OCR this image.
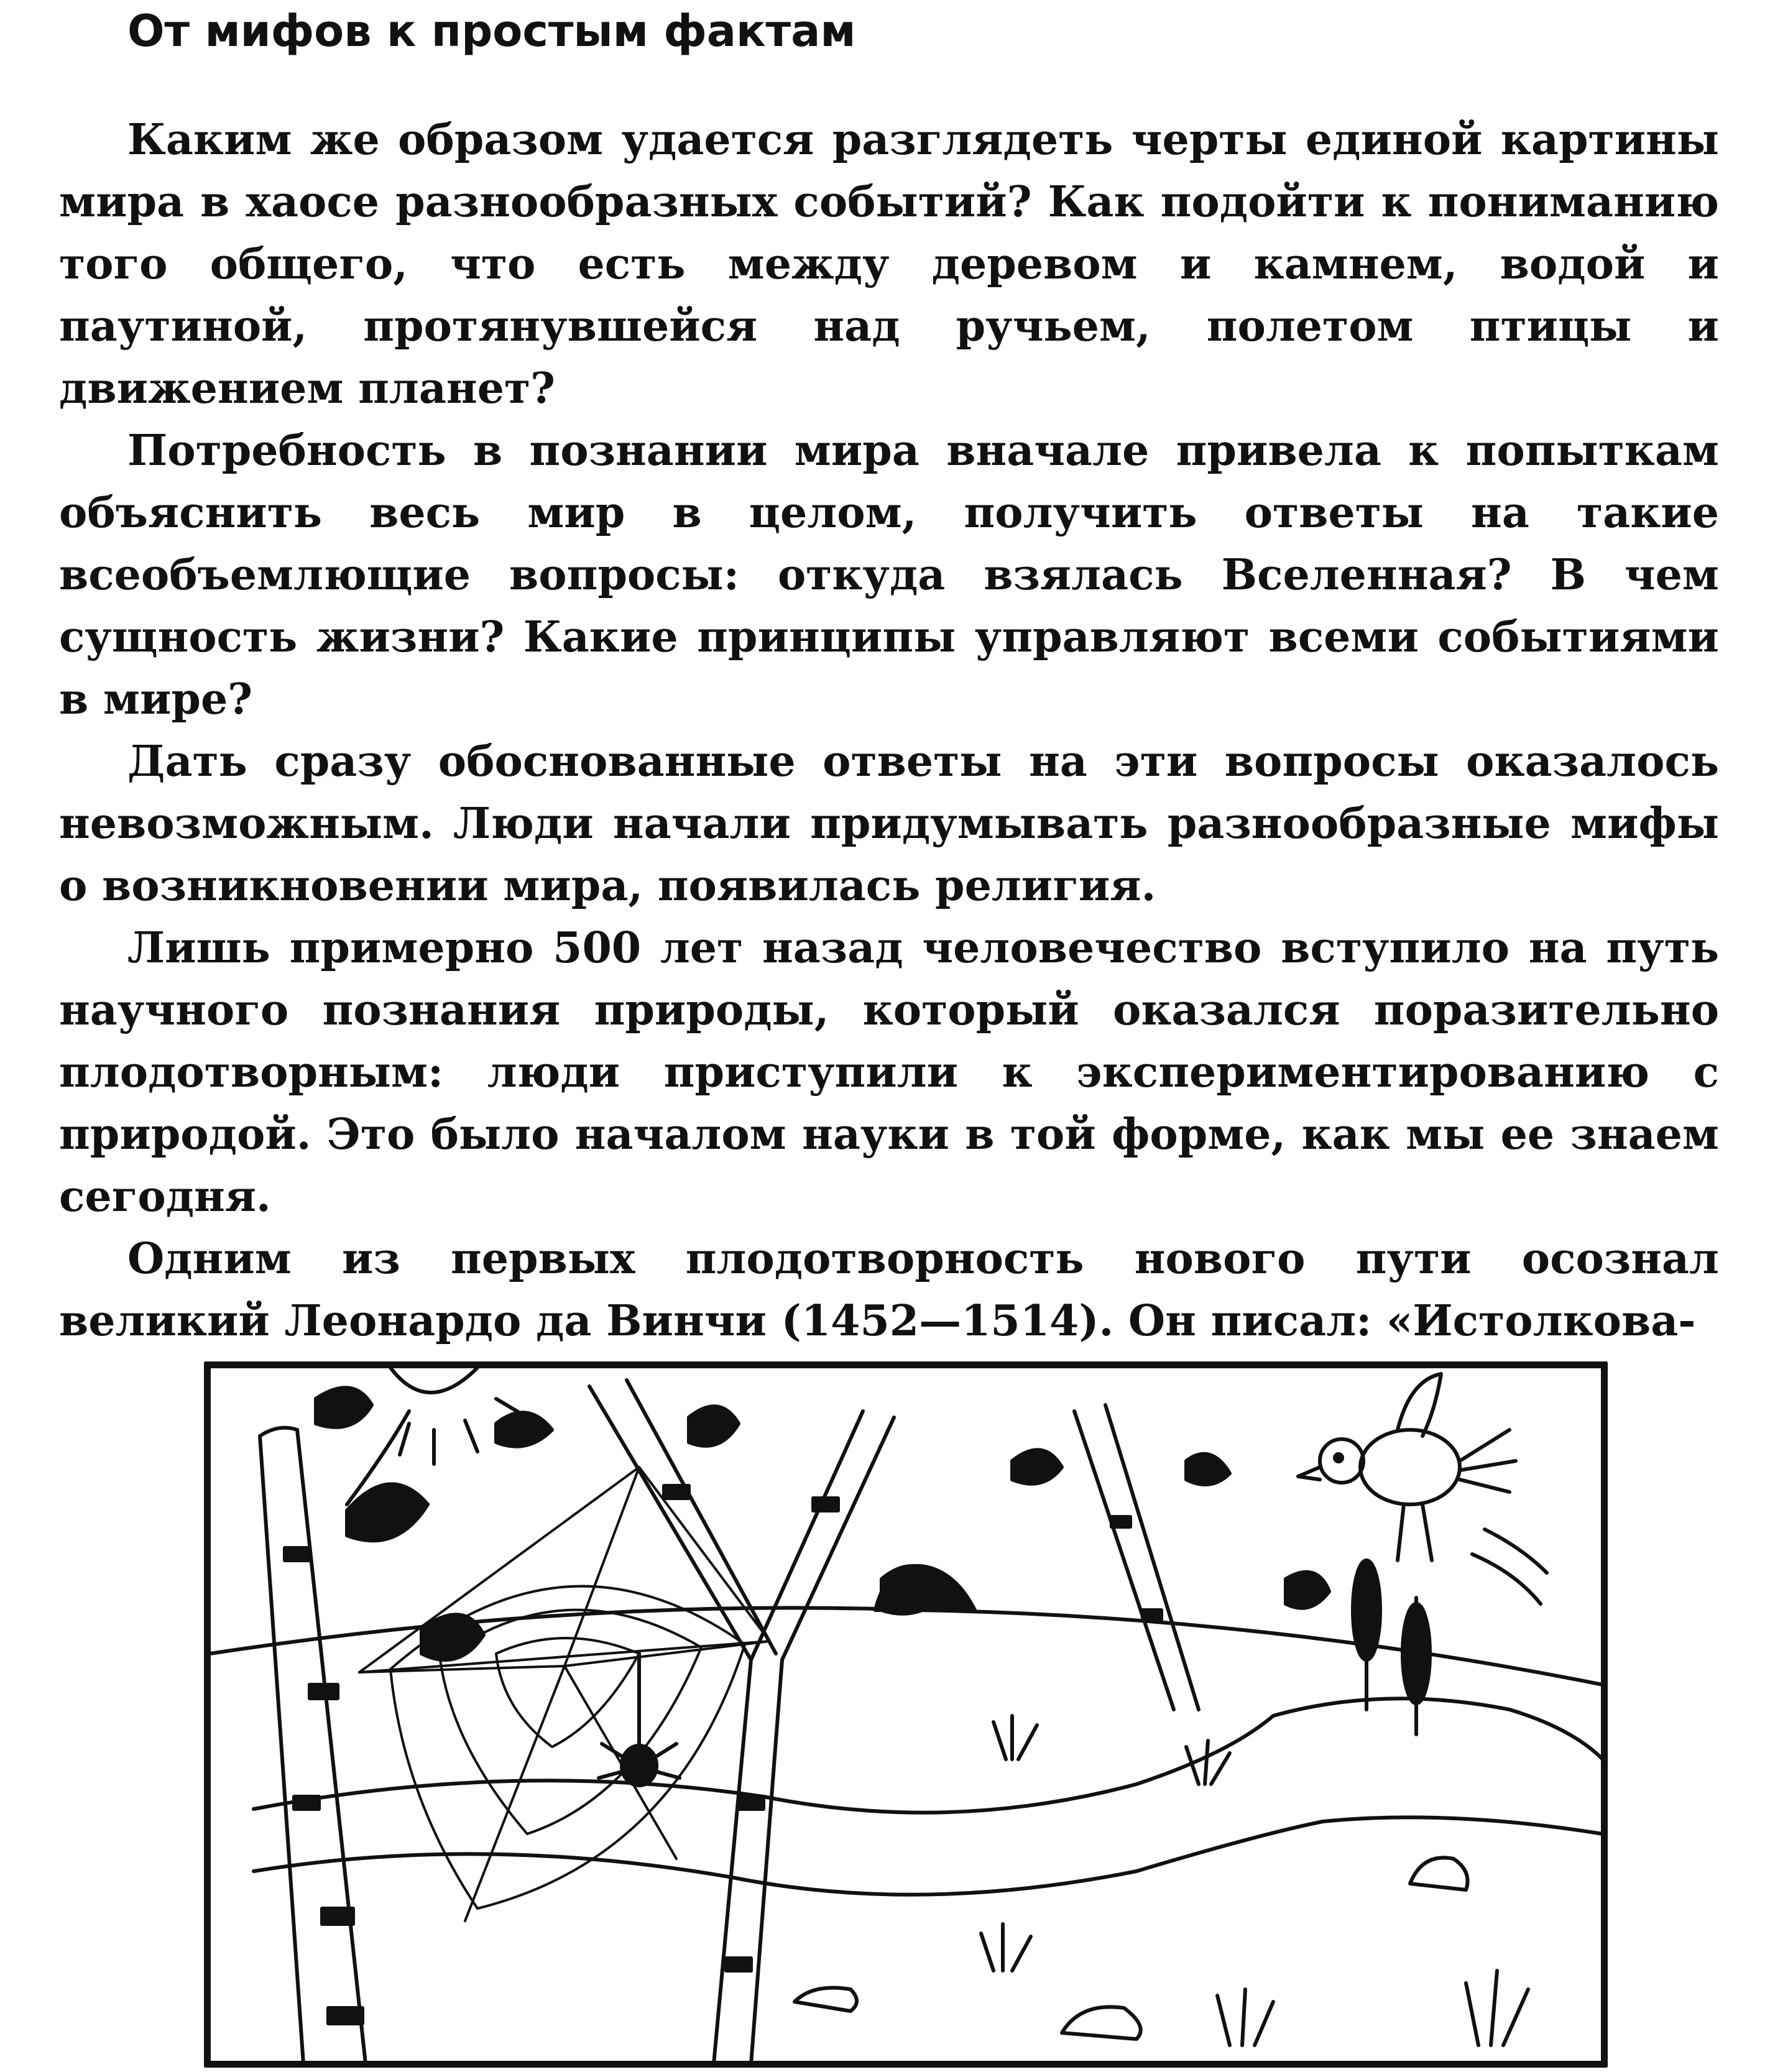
От мифов к простым фактам

Каким же образом удается разглядеть черты единой картины мира в хаосе разнообразных событий? Как подойти к пониманию того общего, что есть между деревом и камнем, водой и паутиной, протянувшейся над ручьем, полетом птицы и движением планет?

Потребность в познании мира вначале привела к попыткам объяснить весь мир в целом, получить ответы на такие всеобъемлющие вопросы: откуда взялась Вселенная? В чем сущность жизни? Какие принципы управляют всеми событиями в мире?

Дать сразу обоснованные ответы на эти вопросы оказалось невозможным. Люди начали придумывать разнообразные мифы о возникновении мира, появилась религия.

Лишь примерно 500 лет назад человечество вступило на путь научного познания природы, который оказался поразительно плодотворным: люди приступили к экспериментированию с природой. Это было началом науки в той форме, как мы ее знаем сегодня.

Одним из первых плодотворность нового пути осознал великий Леонардо да Винчи (1452—1514). Он писал: «Истолкова-
